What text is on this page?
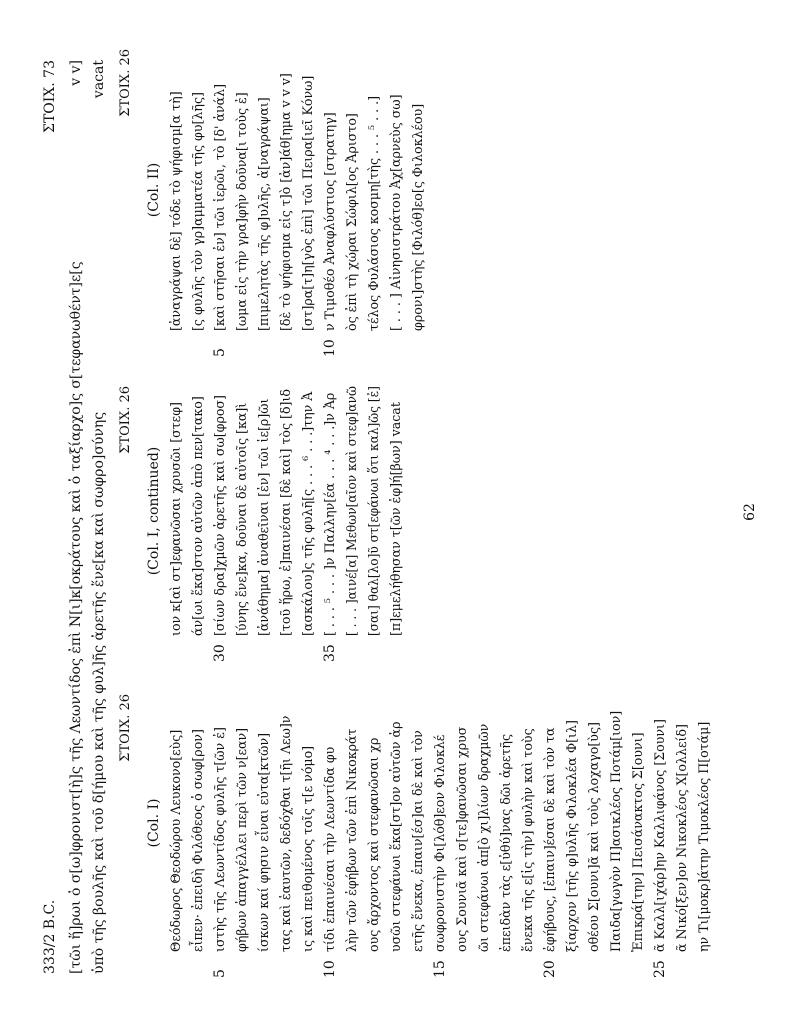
333/2 B.C.
ΣΤΟΙΧ. 73
[τῶι ἥ]ρωι ὁ σ[ω]φρονιστ[ὴ]ς τῆς Λεωντίδος ἐπὶ Ν[ι]κ[οκράτους καὶ ὁ ταξίαρχο]ς σ[τεφανωθέντ]ε[ς
v v]
ὑπὸ τῆς βουλῆς καὶ τοῦ δ[ήμου καὶ τῆς φυλ]ῆς ἀρετῆς ἕνε[κα καὶ σωφρο]σύνης
vacat
(Col. I)
ΣΤΟΙΧ. 26
Θεόδωρος Θεοδώρου Λευκονο[εὺς] εἶπεν· ἐπειδὴ Φιλόθεος ὁ σωφ[ρον]
5
ιστὴς τῆς Λεωντίδος φυλῆς τ[ῶν ἐ] φήβων ἀπαγγέλλει περὶ τῶν ν[εαν] ίσκων καί φησιν εἶναι εὐτα[κτῶν] τας καὶ ἑαυτῶν, δεδόχθαι τ[ῆι Λεω]ν ις καὶ πειθομένος τοῖς τ[ε νόμο]
10
τίδι ἐπαινέσαι τὴν Λεωντίδα φυ λὴν τῶν ἐφήβων τῶν ἐπὶ Νικοκράτ ους ἄρχοντος καὶ στεφανῶσαι χρ υσῶι στεφάνωι ἕκα[στ]ον αὐτῶν ἀρ ετῆς ἕνεκα, ἐπαιν[έσ]αι δὲ καὶ τὸν
15
σωφρονιστὴν Φι[λόθ]εον Φιλοκλέ ους Σουνιᾶ καὶ σ[τε]φανῶσαι χρυσ ῶι στεφάνωι ἀπ[ὸ χι]λίων δραχμῶν ἐπειδὰν τὰς ε[ὐθύ]νας δῶι ἀρετῆς ἕνεκα τῆς ε[ἰς τὴν] φυλὴν καὶ τοὺς
20
ἐφήβους, [ἐπαιν]έσαι δὲ καὶ τὸν τα ξίαρχον [τῆς φ]υλῆς Φιλοκλέα Φ[ιλ] οθέου Σ[ουνι]ᾶ καὶ τοὺς λοχαγο[ὺς] Παιδα[γωγὸν Π]ασικλέος Ποτάμ[ιον] Ἐπικρά[την] Πεισάνακτος Σ[ουνι]
25
ᾶ Καλλ[ιχάρ]ην Καλλιφάνος [Σουνι] ᾶ Νικό[ξεν]ον Νικοκλέος Χ[ολλείδ] ην Τι[μοκρ]άτην Τιμοκλέος Π[οτάμ]
(Col. I, continued)
ΣΤΟΙΧ. 26	ιον κ[αὶ στ]εφανῶσαι χρυσῶι [στεφ] άν[ωι ἕκα]στον αὐτῶν ἀπὸ πεν[τακο]
30
[σίων δρα]χμῶν ἀρετῆς καὶ σω[φροσ] [ύνης ἕνε]κα, δοῦναι δὲ αὐτοῖς [κα]ὶ [ἀνάθημα] ἀναθεῖναι [ἐν] τῶι ἱε[ρ]ῶι [τοῦ ἥρω, ἐ]παινέσαι [δὲ καὶ] τὸς [δ]ιδ [ασκάλου]ς τῆς φυλῆ[ς . . . ⁶ . . .]την Ἀ
35
[ . . . ⁵ . . . ]ν Παλλην[έα . . . ⁴ . . .]ν Ἀρ [ . . . ]αινέ[α] Μεθων[αῖον καὶ στεφ]ανῶ [σαι] θαλ[λο]ῦ στ[εφάνωι ὅτι καλ]ῶς [ἐ] [π]εμελήθησαν τ[ῶν ἐφ]ή[βων] vacat
(Col. II)
ΣΤΟΙΧ. 26
[ἀναγράψαι δὲ] τόδε τὸ ψήφισμ[α τὴ] [ς φυλῆς τὸν γρ]αμματέα τῆς φυ[λῆς]
5
[καὶ στῆσαι ἐν] τῶι ἱερῶι, τὸ [δ' ἀνάλ] [ωμα εἰς τὴν γρα]φὴν δοῦνα[ι τοὺς ἐ] [πιμελητὰς τῆς φ]υλῆς, ἀ[ναγράψαι] [δὲ τὸ ψήφισμα εἰς τ]ὸ [ἀν]άθ[ημα v v v] [στ]ρα[τ]η[γὸς ἐπὶ] τῶι Πειρα[ιεῖ Κόνω]
10
ν Τιμοθέο Ἀναφλύστιος [στρατηγ] ὸς ἐπὶ τὴ χώραι Σώφιλ[ος Ἀριστο] τέλος Φυλάσιος κοσμη[τὴς . . . ⁵ . . .] [ . . . ] Αἰνησιστράτου Ἀχ[αρνεὺς σω] φρονι]στὴς [Φιλόθ]εο[ς Φιλοκλέου]
62
